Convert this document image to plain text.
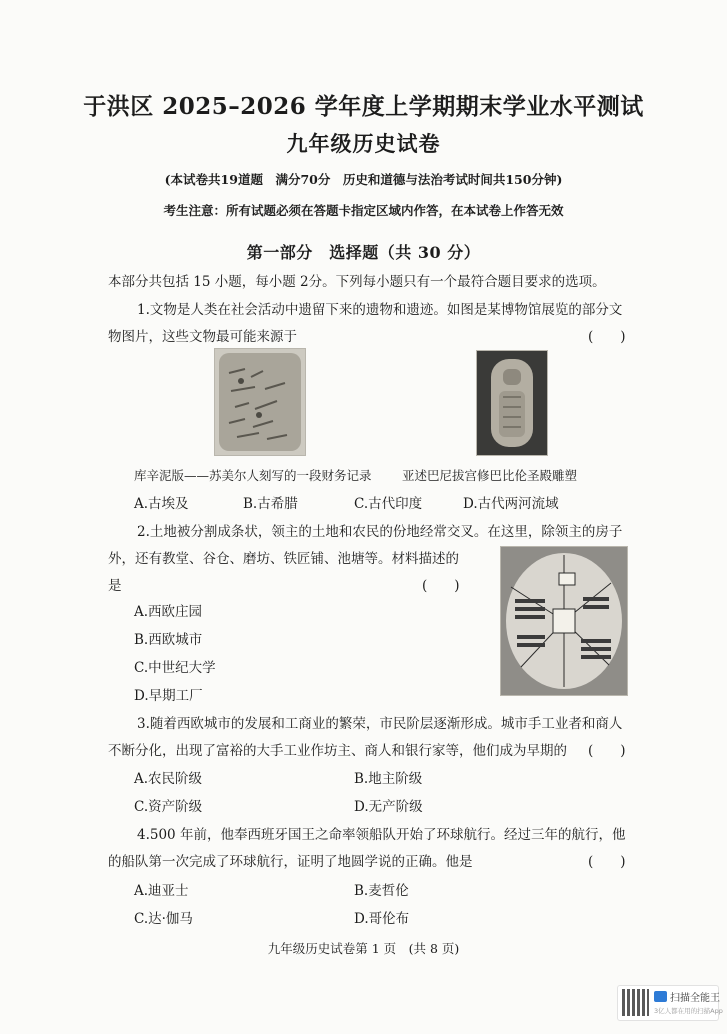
于洪区 2025–2026 学年度上学期期末学业水平测试
九年级历史试卷
(本试卷共19道题　满分70分　历史和道德与法治考试时间共150分钟)
考生注意：所有试题必须在答题卡指定区域内作答，在本试卷上作答无效
第一部分　选择题（共 30 分）
本部分共包括 15 小题，每小题 2分。下列每小题只有一个最符合题目要求的选项。
1.文物是人类在社会活动中遗留下来的遗物和遗迹。如图是某博物馆展览的部分文
物图片，这些文物最可能来源于	(　　)
库辛泥版——苏美尔人刻写的一段财务记录 亚述巴尼拔宫修巴比伦圣殿雕塑
A.古埃及	B.古希腊	C.古代印度	D.古代两河流域
2.土地被分割成条状，领主的土地和农民的份地经常交叉。在这里，除领主的房子
外，还有教堂、谷仓、磨坊、铁匠铺、池塘等。材料描述的
是	(　　)
A.西欧庄园
B.西欧城市
C.中世纪大学
D.早期工厂
3.随着西欧城市的发展和工商业的繁荣，市民阶层逐渐形成。城市手工业者和商人
不断分化，出现了富裕的大手工业作坊主、商人和银行家等，他们成为早期的 (　　)
A.农民阶级	B.地主阶级
C.资产阶级	D.无产阶级
4.500 年前，他奉西班牙国王之命率领船队开始了环球航行。经过三年的航行，他
的船队第一次完成了环球航行，证明了地圆学说的正确。他是	(　　)
A.迪亚士	B.麦哲伦
C.达·伽马	D.哥伦布
九年级历史试卷第 1 页　(共 8 页)
扫描全能王
3亿人都在用的扫描App
